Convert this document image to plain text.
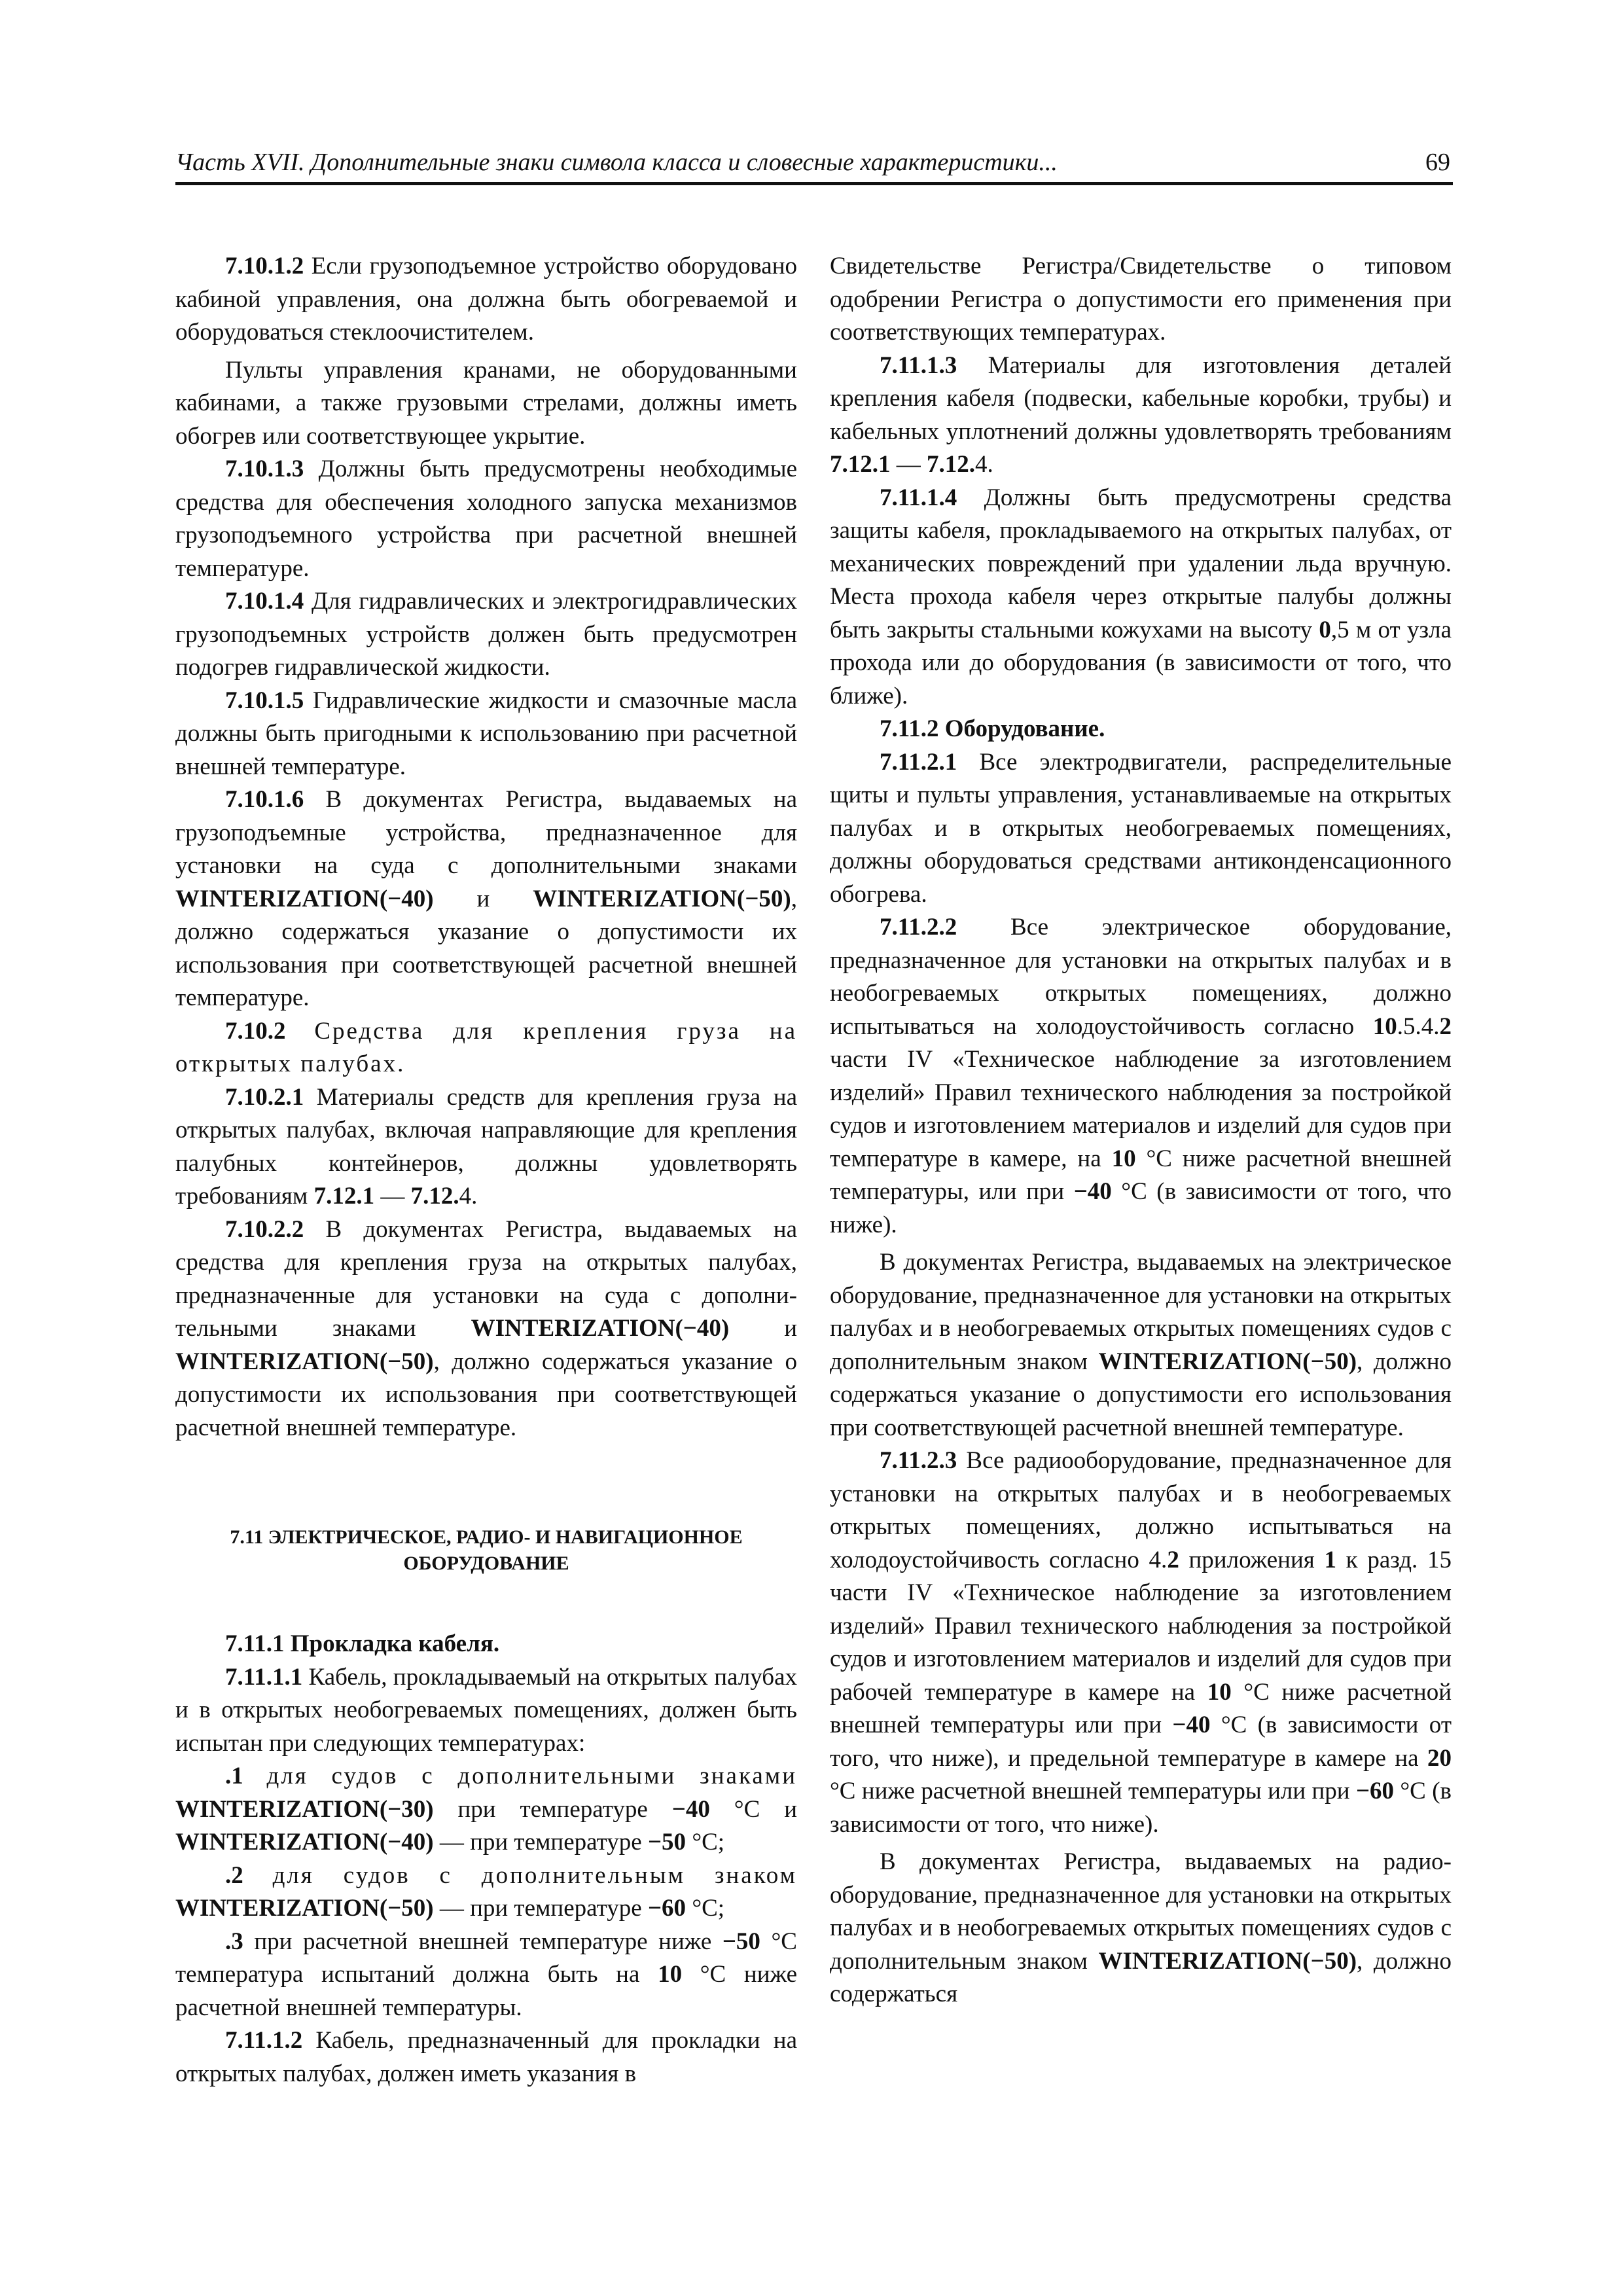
Часть XVII. Дополнительные знаки символа класса и словесные характеристики...	69

7.10.1.2 Если грузоподъемное устройство оборудовано кабиной управления, она должна быть обогреваемой и оборудоваться стеклоочистителем.

Пульты управления кранами, не оборудованными кабинами, а также грузовыми стрелами, должны иметь обогрев или соответствующее укрытие.

7.10.1.3 Должны быть предусмотрены необходимые средства для обеспечения холодного запуска механизмов грузоподъемного устройства при расчетной внешней температуре.

7.10.1.4 Для гидравлических и электрогидравлических грузоподъемных устройств должен быть предусмотрен подогрев гидравлической жидкости.

7.10.1.5 Гидравлические жидкости и смазочные масла должны быть пригодными к использованию при расчетной внешней температуре.

7.10.1.6 В документах Регистра, выдаваемых на грузоподъемные устройства, предназначенное для установки на суда с дополнительными знаками WINTERIZATION(−40) и WINTERIZATION(−50), должно содержаться указание о допустимости их использования при соответствующей расчетной внешней температуре.

7.10.2 Средства для крепления груза на открытых палубах.

7.10.2.1 Материалы средств для крепления груза на открытых палубах, включая направляющие для крепления палубных контейнеров, должны удовлетворять требованиям 7.12.1 — 7.12.4.

7.10.2.2 В документах Регистра, выдаваемых на средства для крепления груза на открытых палубах, предназначенные для установки на суда с дополнительными знаками WINTERIZATION(−40) и WINTERIZATION(−50), должно содержаться указание о допустимости их использования при соответствующей расчетной внешней температуре.

7.11 ЭЛЕКТРИЧЕСКОЕ, РАДИО- И НАВИГАЦИОННОЕ
ОБОРУДОВАНИЕ

7.11.1 Прокладка кабеля.

7.11.1.1 Кабель, прокладываемый на открытых палубах и в открытых необогреваемых помещениях, должен быть испытан при следующих температурах:

.1 для судов с дополнительными знаками WINTERIZATION(−30) при температуре −40 °С и WINTERIZATION(−40) — при температуре −50 °С;

.2 для судов с дополнительным знаком WINTERIZATION(−50) — при температуре −60 °С;

.3 при расчетной внешней температуре ниже −50 °С температура испытаний должна быть на 10 °С ниже расчетной внешней температуры.

7.11.1.2 Кабель, предназначенный для прокладки на открытых палубах, должен иметь указания в

Свидетельстве Регистра/Свидетельстве о типовом одобрении Регистра о допустимости его применения при соответствующих температурах.

7.11.1.3 Материалы для изготовления деталей крепления кабеля (подвески, кабельные коробки, трубы) и кабельных уплотнений должны удовлетворять требованиям 7.12.1 — 7.12.4.

7.11.1.4 Должны быть предусмотрены средства защиты кабеля, прокладываемого на открытых палубах, от механических повреждений при удалении льда вручную. Места прохода кабеля через открытые палубы должны быть закрыты стальными кожухами на высоту 0,5 м от узла прохода или до оборудования (в зависимости от того, что ближе).

7.11.2 Оборудование.

7.11.2.1 Все электродвигатели, распределительные щиты и пульты управления, устанавливаемые на открытых палубах и в открытых необогреваемых помещениях, должны оборудоваться средствами антиконденсационного обогрева.

7.11.2.2 Все электрическое оборудование, предназначенное для установки на открытых палубах и в необогреваемых открытых помещениях, должно испытываться на холодоустойчивость согласно 10.5.4.2 части IV «Техническое наблюдение за изготовлением изделий» Правил технического наблюдения за постройкой судов и изготовлением материалов и изделий для судов при температуре в камере, на 10 °С ниже расчетной внешней температуры, или при −40 °С (в зависимости от того, что ниже).

В документах Регистра, выдаваемых на электрическое оборудование, предназначенное для установки на открытых палубах и в необогреваемых открытых помещениях судов с дополнительным знаком WINTERIZATION(−50), должно содержаться указание о допустимости его использования при соответствующей расчетной внешней температуре.

7.11.2.3 Все радиооборудование, предназначенное для установки на открытых палубах и в необогреваемых открытых помещениях, должно испытываться на холодоустойчивость согласно 4.2 приложения 1 к разд. 15 части IV «Техническое наблюдение за изготовлением изделий» Правил технического наблюдения за постройкой судов и изготовлением материалов и изделий для судов при рабочей температуре в камере на 10 °С ниже расчетной внешней температуры или при −40 °С (в зависимости от того, что ниже), и предельной температуре в камере на 20 °С ниже расчетной внешней температуры или при −60 °С (в зависимости от того, что ниже).

В документах Регистра, выдаваемых на радиооборудование, предназначенное для установки на открытых палубах и в необогреваемых открытых помещениях судов с дополнительным знаком WINTERIZATION(−50), должно содержаться
